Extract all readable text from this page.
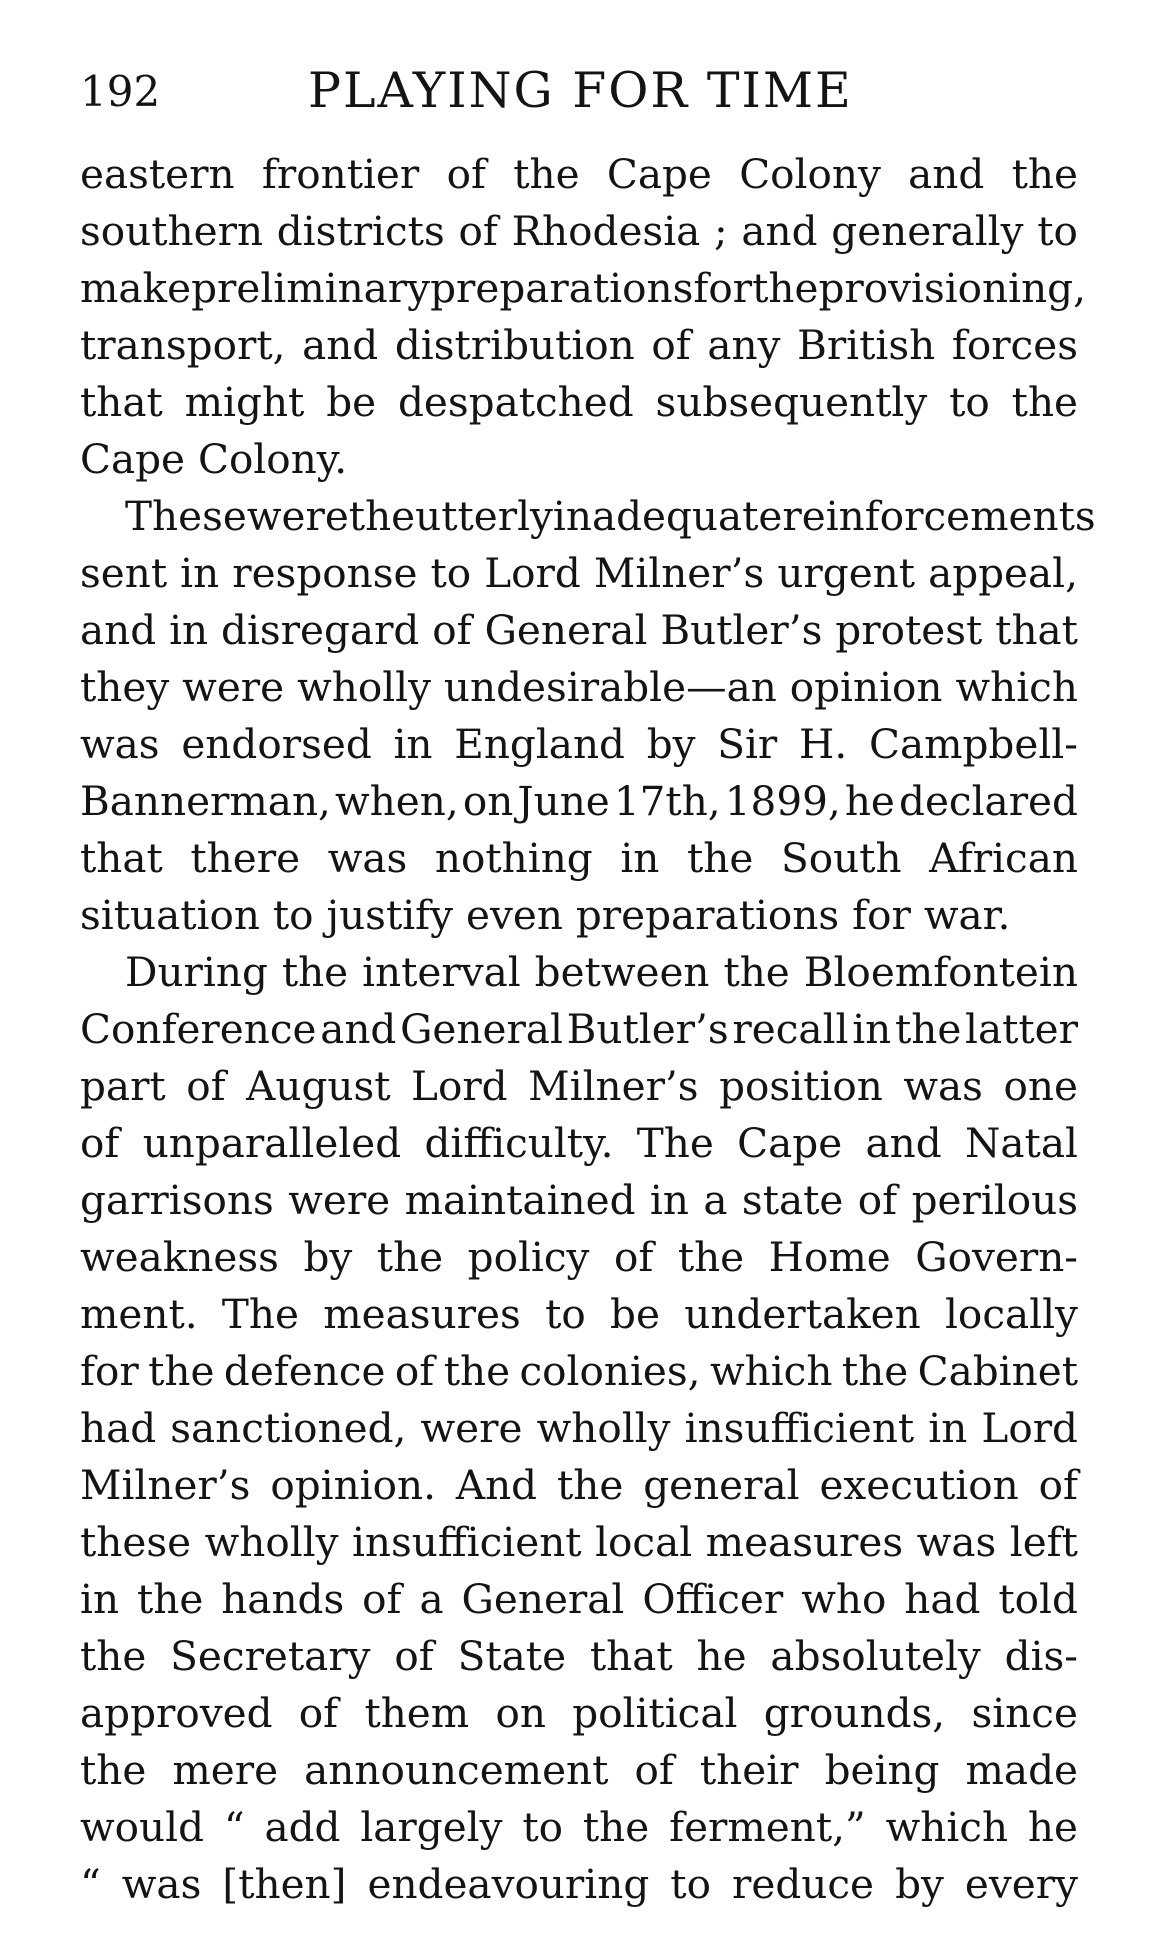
192	PLAYING FOR TIME
eastern frontier of the Cape Colony and the
southern districts of Rhodesia ; and generally to
make preliminary preparations for the provisioning,
transport, and distribution of any British forces
that might be despatched subsequently to the
Cape Colony.
These were the utterly inadequate reinforcements
sent in response to Lord Milner’s urgent appeal,
and in disregard of General Butler’s protest that
they were wholly undesirable—an opinion which
was endorsed in England by Sir H. Campbell-
Bannerman, when, on June 17th, 1899, he declared
that there was nothing in the South African
situation to justify even preparations for war.
During the interval between the Bloemfontein
Conference and General Butler’s recall in the latter
part of August Lord Milner’s position was one
of unparalleled difficulty. The Cape and Natal
garrisons were maintained in a state of perilous
weakness by the policy of the Home Govern-
ment. The measures to be undertaken locally
for the defence of the colonies, which the Cabinet
had sanctioned, were wholly insufficient in Lord
Milner’s opinion. And the general execution of
these wholly insufficient local measures was left
in the hands of a General Officer who had told
the Secretary of State that he absolutely dis-
approved of them on political grounds, since
the mere announcement of their being made
would “ add largely to the ferment,” which he
“ was [then] endeavouring to reduce by every
